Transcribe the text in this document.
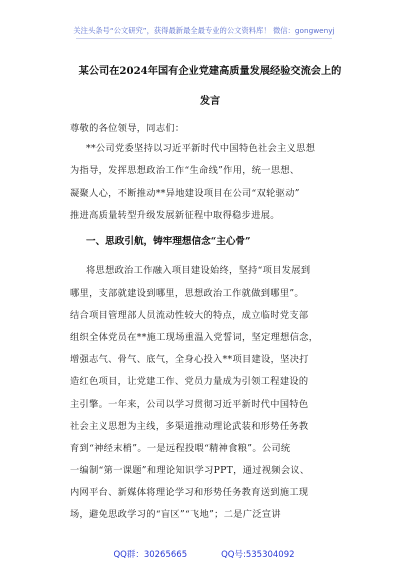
关注头条号“公文研究”，获得最新最全最专业的公文资料库！ 微信：gongwenyj
某公司在2024年国有企业党建高质量发展经验交流会上的
发言
尊敬的各位领导，同志们：
**公司党委坚持以习近平新时代中国特色社会主义思想
为指导，发挥思想政治工作“生命线”作用，统一思想、
凝聚人心，不断推动**异地建设项目在公司“双轮驱动”
推进高质量转型升级发展新征程中取得稳步进展。
一、思政引航，铸牢理想信念“主心骨”
将思想政治工作融入项目建设始终，坚持“项目发展到
哪里，支部就建设到哪里，思想政治工作就做到哪里”。
结合项目管理部人员流动性较大的特点，成立临时党支部
组织全体党员在**施工现场重温入党誓词，坚定理想信念，
增强志气、骨气、底气，全身心投入**项目建设，坚决打
造红色项目，让党建工作、党员力量成为引领工程建设的
主引擎。一年来，公司以学习贯彻习近平新时代中国特色
社会主义思想为主线，多渠道推动理论武装和形势任务教
育到“神经末梢”。一是远程投喂“精神食粮”。公司统
一编制“第一课题”和理论知识学习PPT，通过视频会议、
内网平台、新媒体将理论学习和形势任务教育送到施工现
场，避免思政学习的“盲区”“飞地”；二是广泛宣讲
QQ群：30265665	QQ号:535304092
